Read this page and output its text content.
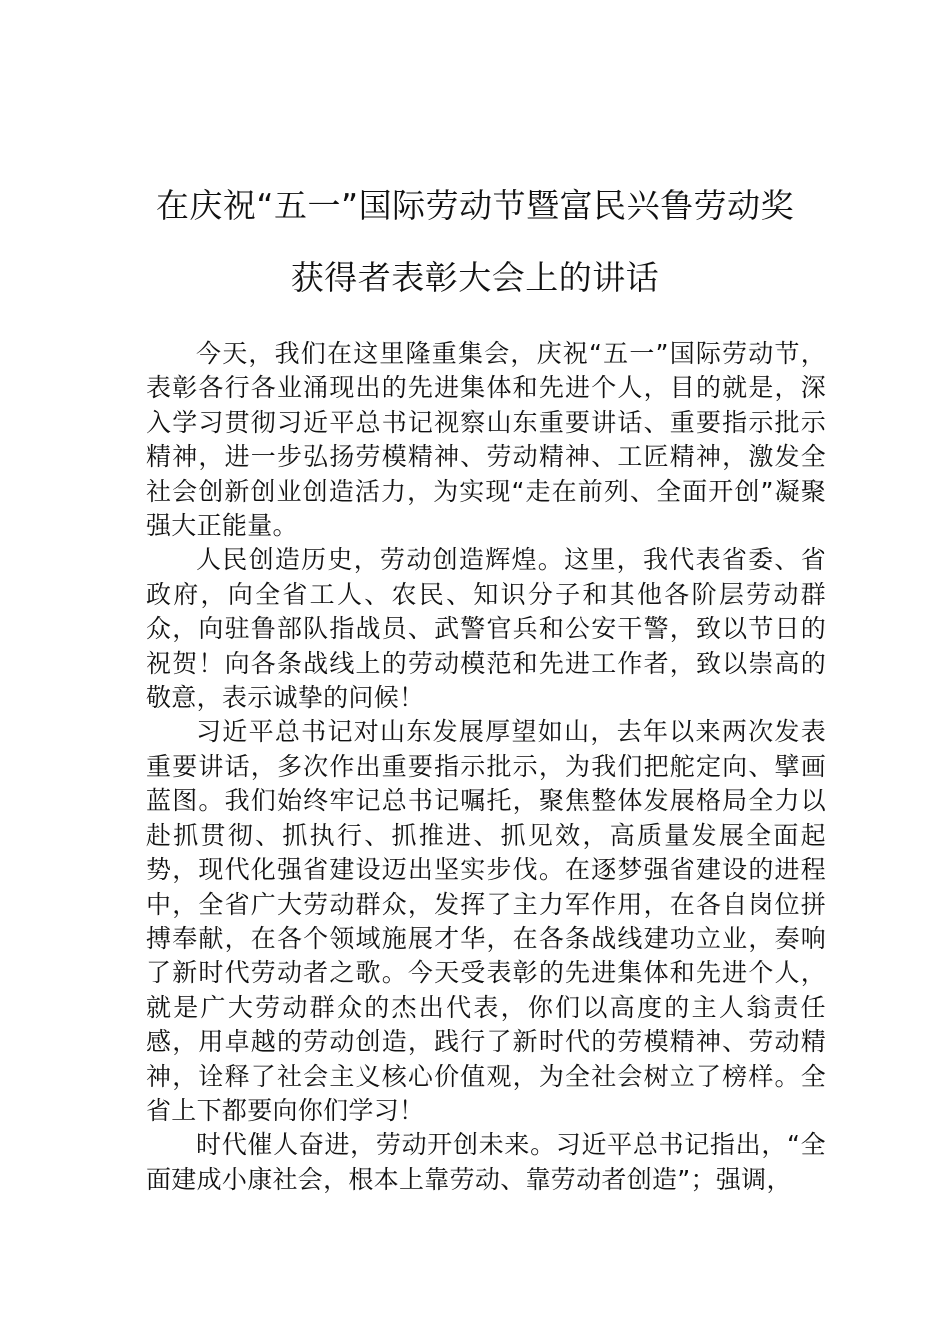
在庆祝“五一”国际劳动节暨富民兴鲁劳动奖
获得者表彰大会上的讲话

今天，我们在这里隆重集会，庆祝“五一”国际劳动节，表彰各行各业涌现出的先进集体和先进个人，目的就是，深入学习贯彻习近平总书记视察山东重要讲话、重要指示批示精神，进一步弘扬劳模精神、劳动精神、工匠精神，激发全社会创新创业创造活力，为实现“走在前列、全面开创”凝聚强大正能量。

人民创造历史，劳动创造辉煌。这里，我代表省委、省政府，向全省工人、农民、知识分子和其他各阶层劳动群众，向驻鲁部队指战员、武警官兵和公安干警，致以节日的祝贺！向各条战线上的劳动模范和先进工作者，致以崇高的敬意，表示诚挚的问候！

习近平总书记对山东发展厚望如山，去年以来两次发表重要讲话，多次作出重要指示批示，为我们把舵定向、擘画蓝图。我们始终牢记总书记嘱托，聚焦整体发展格局全力以赴抓贯彻、抓执行、抓推进、抓见效，高质量发展全面起势，现代化强省建设迈出坚实步伐。在逐梦强省建设的进程中，全省广大劳动群众，发挥了主力军作用，在各自岗位拼搏奉献，在各个领域施展才华，在各条战线建功立业，奏响了新时代劳动者之歌。今天受表彰的先进集体和先进个人，就是广大劳动群众的杰出代表，你们以高度的主人翁责任感，用卓越的劳动创造，践行了新时代的劳模精神、劳动精神，诠释了社会主义核心价值观，为全社会树立了榜样。全省上下都要向你们学习！

时代催人奋进，劳动开创未来。习近平总书记指出，“全面建成小康社会，根本上靠劳动、靠劳动者创造”；强调，
